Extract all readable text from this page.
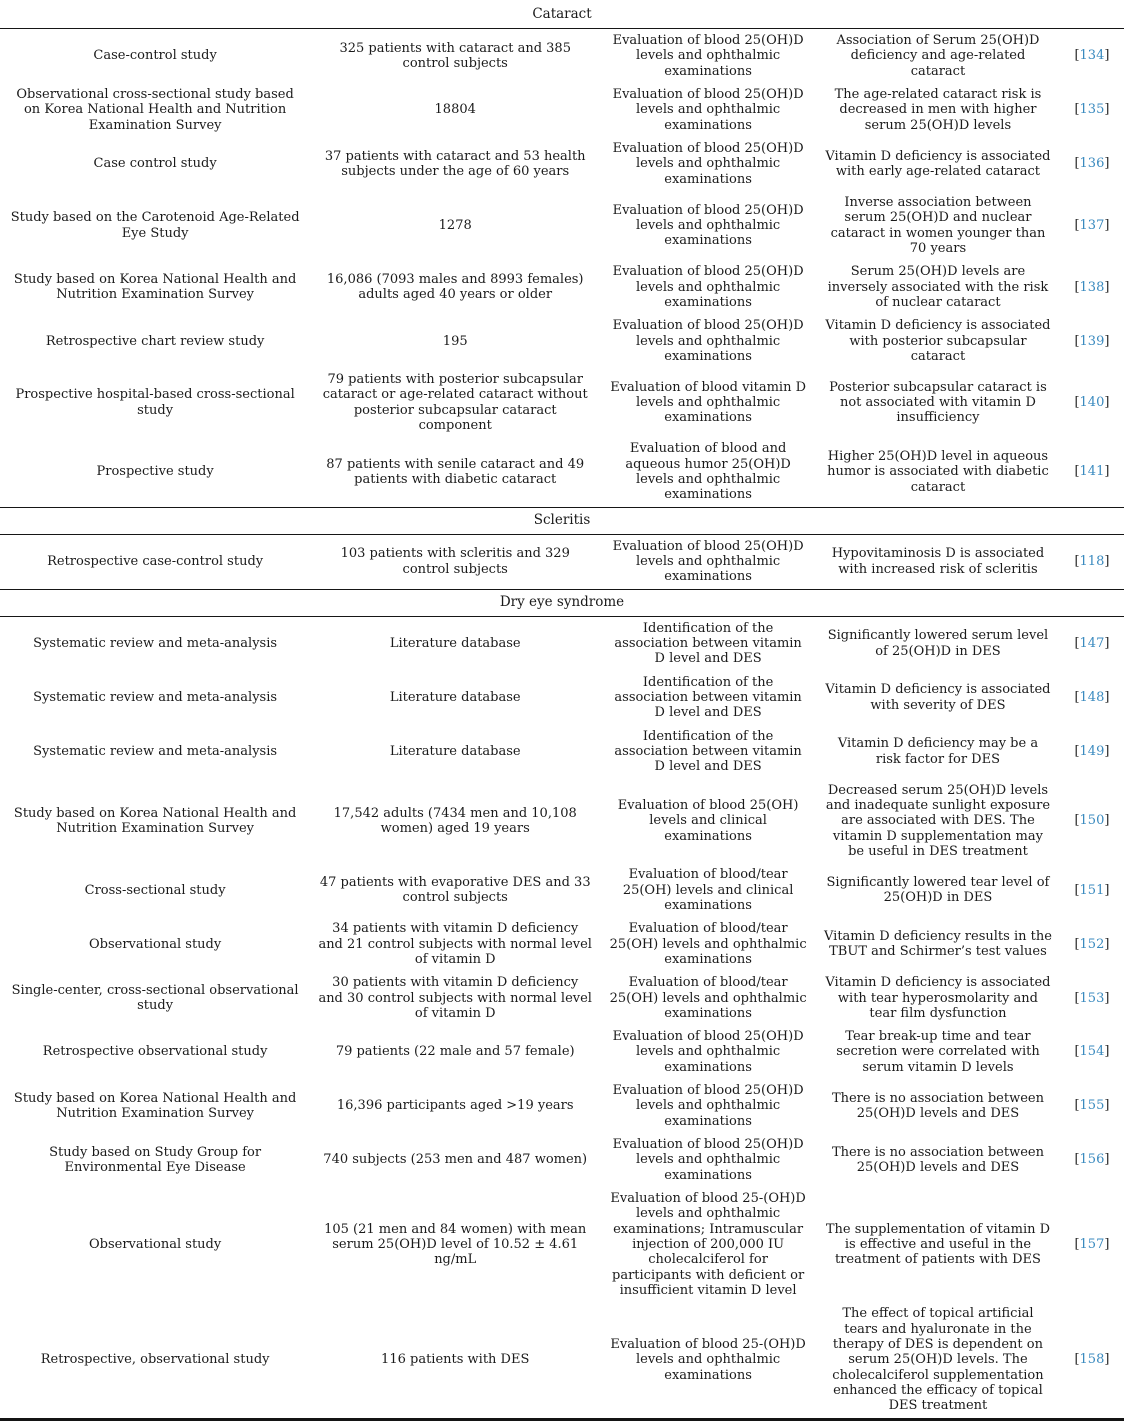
Cataract				
Case-control study	325 patients with cataract and 385 control subjects	Evaluation of blood 25(OH)D levels and ophthalmic examinations	Association of Serum 25(OH)D deficiency and age-related cataract	[134]
Observational cross-sectional study based on Korea National Health and Nutrition Examination Survey	18804	Evaluation of blood 25(OH)D levels and ophthalmic examinations	The age-related cataract risk is decreased in men with higher serum 25(OH)D levels	[135]
Case control study	37 patients with cataract and 53 health subjects under the age of 60 years	Evaluation of blood 25(OH)D levels and ophthalmic examinations	Vitamin D deficiency is associated with early age-related cataract	[136]
Study based on the Carotenoid Age-Related Eye Study	1278	Evaluation of blood 25(OH)D levels and ophthalmic examinations	Inverse association between serum 25(OH)D and nuclear cataract in women younger than 70 years	[137]
Study based on Korea National Health and Nutrition Examination Survey	16,086 (7093 males and 8993 females) adults aged 40 years or older	Evaluation of blood 25(OH)D levels and ophthalmic examinations	Serum 25(OH)D levels are inversely associated with the risk of nuclear cataract	[138]
Retrospective chart review study	195	Evaluation of blood 25(OH)D levels and ophthalmic examinations	Vitamin D deficiency is associated with posterior subcapsular cataract	[139]
Prospective hospital-based cross-sectional study	79 patients with posterior subcapsular cataract or age-related cataract without posterior subcapsular cataract component	Evaluation of blood vitamin D levels and ophthalmic examinations	Posterior subcapsular cataract is not associated with vitamin D insufficiency	[140]
Prospective study	87 patients with senile cataract and 49 patients with diabetic cataract	Evaluation of blood and aqueous humor 25(OH)D levels and ophthalmic examinations	Higher 25(OH)D level in aqueous humor is associated with diabetic cataract	[141]
Scleritis				
Retrospective case-control study	103 patients with scleritis and 329 control subjects	Evaluation of blood 25(OH)D levels and ophthalmic examinations	Hypovitaminosis D is associated with increased risk of scleritis	[118]
Dry eye syndrome				
Systematic review and meta-analysis	Literature database	Identification of the association between vitamin D level and DES	Significantly lowered serum level of 25(OH)D in DES	[147]
Systematic review and meta-analysis	Literature database	Identification of the association between vitamin D level and DES	Vitamin D deficiency is associated with severity of DES	[148]
Systematic review and meta-analysis	Literature database	Identification of the association between vitamin D level and DES	Vitamin D deficiency may be a risk factor for DES	[149]
Study based on Korea National Health and Nutrition Examination Survey	17,542 adults (7434 men and 10,108 women) aged 19 years	Evaluation of blood 25(OH) levels and clinical examinations	Decreased serum 25(OH)D levels and inadequate sunlight exposure are associated with DES. The vitamin D supplementation may be useful in DES treatment	[150]
Cross-sectional study	47 patients with evaporative DES and 33 control subjects	Evaluation of blood/tear 25(OH) levels and clinical examinations	Significantly lowered tear level of 25(OH)D in DES	[151]
Observational study	34 patients with vitamin D deficiency and 21 control subjects with normal level of vitamin D	Evaluation of blood/tear 25(OH) levels and ophthalmic examinations	Vitamin D deficiency results in the TBUT and Schirmer’s test values	[152]
Single-center, cross-sectional observational study	30 patients with vitamin D deficiency and 30 control subjects with normal level of vitamin D	Evaluation of blood/tear 25(OH) levels and ophthalmic examinations	Vitamin D deficiency is associated with tear hyperosmolarity and tear film dysfunction	[153]
Retrospective observational study	79 patients (22 male and 57 female)	Evaluation of blood 25(OH)D levels and ophthalmic examinations	Tear break-up time and tear secretion were correlated with serum vitamin D levels	[154]
Study based on Korea National Health and Nutrition Examination Survey	16,396 participants aged >19 years	Evaluation of blood 25(OH)D levels and ophthalmic examinations	There is no association between 25(OH)D levels and DES	[155]
Study based on Study Group for Environmental Eye Disease	740 subjects (253 men and 487 women)	Evaluation of blood 25(OH)D levels and ophthalmic examinations	There is no association between 25(OH)D levels and DES	[156]
Observational study	105 (21 men and 84 women) with mean serum 25(OH)D level of 10.52 ± 4.61 ng/mL	Evaluation of blood 25-(OH)D levels and ophthalmic examinations; Intramuscular injection of 200,000 IU cholecalciferol for participants with deficient or insufficient vitamin D level	The supplementation of vitamin D is effective and useful in the treatment of patients with DES	[157]
Retrospective, observational study	116 patients with DES	Evaluation of blood 25-(OH)D levels and ophthalmic examinations	The effect of topical artificial tears and hyaluronate in the therapy of DES is dependent on serum 25(OH)D levels. The cholecalciferol supplementation enhanced the efficacy of topical DES treatment	[158]
